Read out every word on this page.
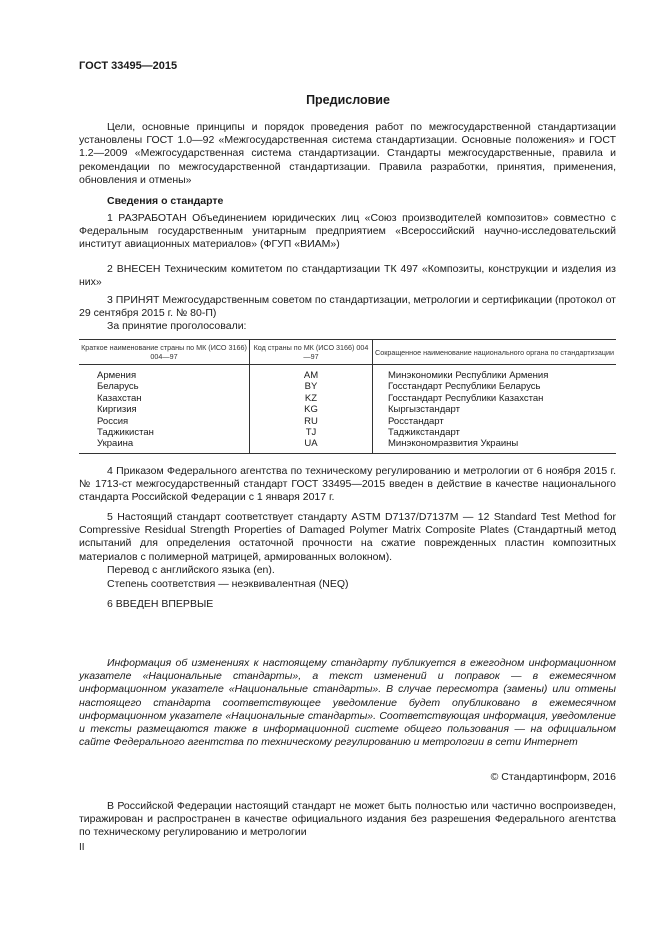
ГОСТ 33495—2015
Предисловие
Цели, основные принципы и порядок проведения работ по межгосударственной стандартизации установлены ГОСТ 1.0—92 «Межгосударственная система стандартизации. Основные положения» и ГОСТ 1.2—2009 «Межгосударственная система стандартизации. Стандарты межгосударственные, правила и рекомендации по межгосударственной стандартизации. Правила разработки, принятия, применения, обновления и отмены»
Сведения о стандарте
1 РАЗРАБОТАН Объединением юридических лиц «Союз производителей композитов» совместно с Федеральным государственным унитарным предприятием «Всероссийский научно-исследовательский институт авиационных материалов» (ФГУП «ВИАМ»)
2 ВНЕСЕН Техническим комитетом по стандартизации ТК 497 «Композиты, конструкции и изделия из них»
3 ПРИНЯТ Межгосударственным советом по стандартизации, метрологии и сертификации (протокол от 29 сентября 2015 г. № 80-П)
За принятие проголосовали:
Краткое наименование страны по МК (ИСО 3166) 004—97	Код страны по МК (ИСО 3166) 004—97	Сокращенное наименование национального органа по стандартизации
Армения	AM	Минэкономики Республики Армения
Беларусь	BY	Госстандарт Республики Беларусь
Казахстан	KZ	Госстандарт Республики Казахстан
Киргизия	KG	Кыргызстандарт
Россия	RU	Росстандарт
Таджикистан	TJ	Таджикстандарт
Украина	UA	Минэкономразвития Украины
4 Приказом Федерального агентства по техническому регулированию и метрологии от 6 ноября 2015 г. № 1713-ст межгосударственный стандарт ГОСТ 33495—2015 введен в действие в качестве национального стандарта Российской Федерации с 1 января 2017 г.
5 Настоящий стандарт соответствует стандарту ASTM D7137/D7137M — 12 Standard Test Method for Compressive Residual Strength Properties of Damaged Polymer Matrix Composite Plates (Стандартный метод испытаний для определения остаточной прочности на сжатие поврежденных пластин композитных материалов с полимерной матрицей, армированных волокном).
Перевод с английского языка (en).
Степень соответствия — неэквивалентная (NEQ)
6 ВВЕДЕН ВПЕРВЫЕ
Информация об изменениях к настоящему стандарту публикуется в ежегодном информационном указателе «Национальные стандарты», а текст изменений и поправок — в ежемесячном информационном указателе «Национальные стандарты». В случае пересмотра (замены) или отмены настоящего стандарта соответствующее уведомление будет опубликовано в ежемесячном информационном указателе «Национальные стандарты». Соответствующая информация, уведомление и тексты размещаются также в информационной системе общего пользования — на официальном сайте Федерального агентства по техническому регулированию и метрологии в сети Интернет
© Стандартинформ, 2016
В Российской Федерации настоящий стандарт не может быть полностью или частично воспроизведен, тиражирован и распространен в качестве официального издания без разрешения Федерального агентства по техническому регулированию и метрологии
II
